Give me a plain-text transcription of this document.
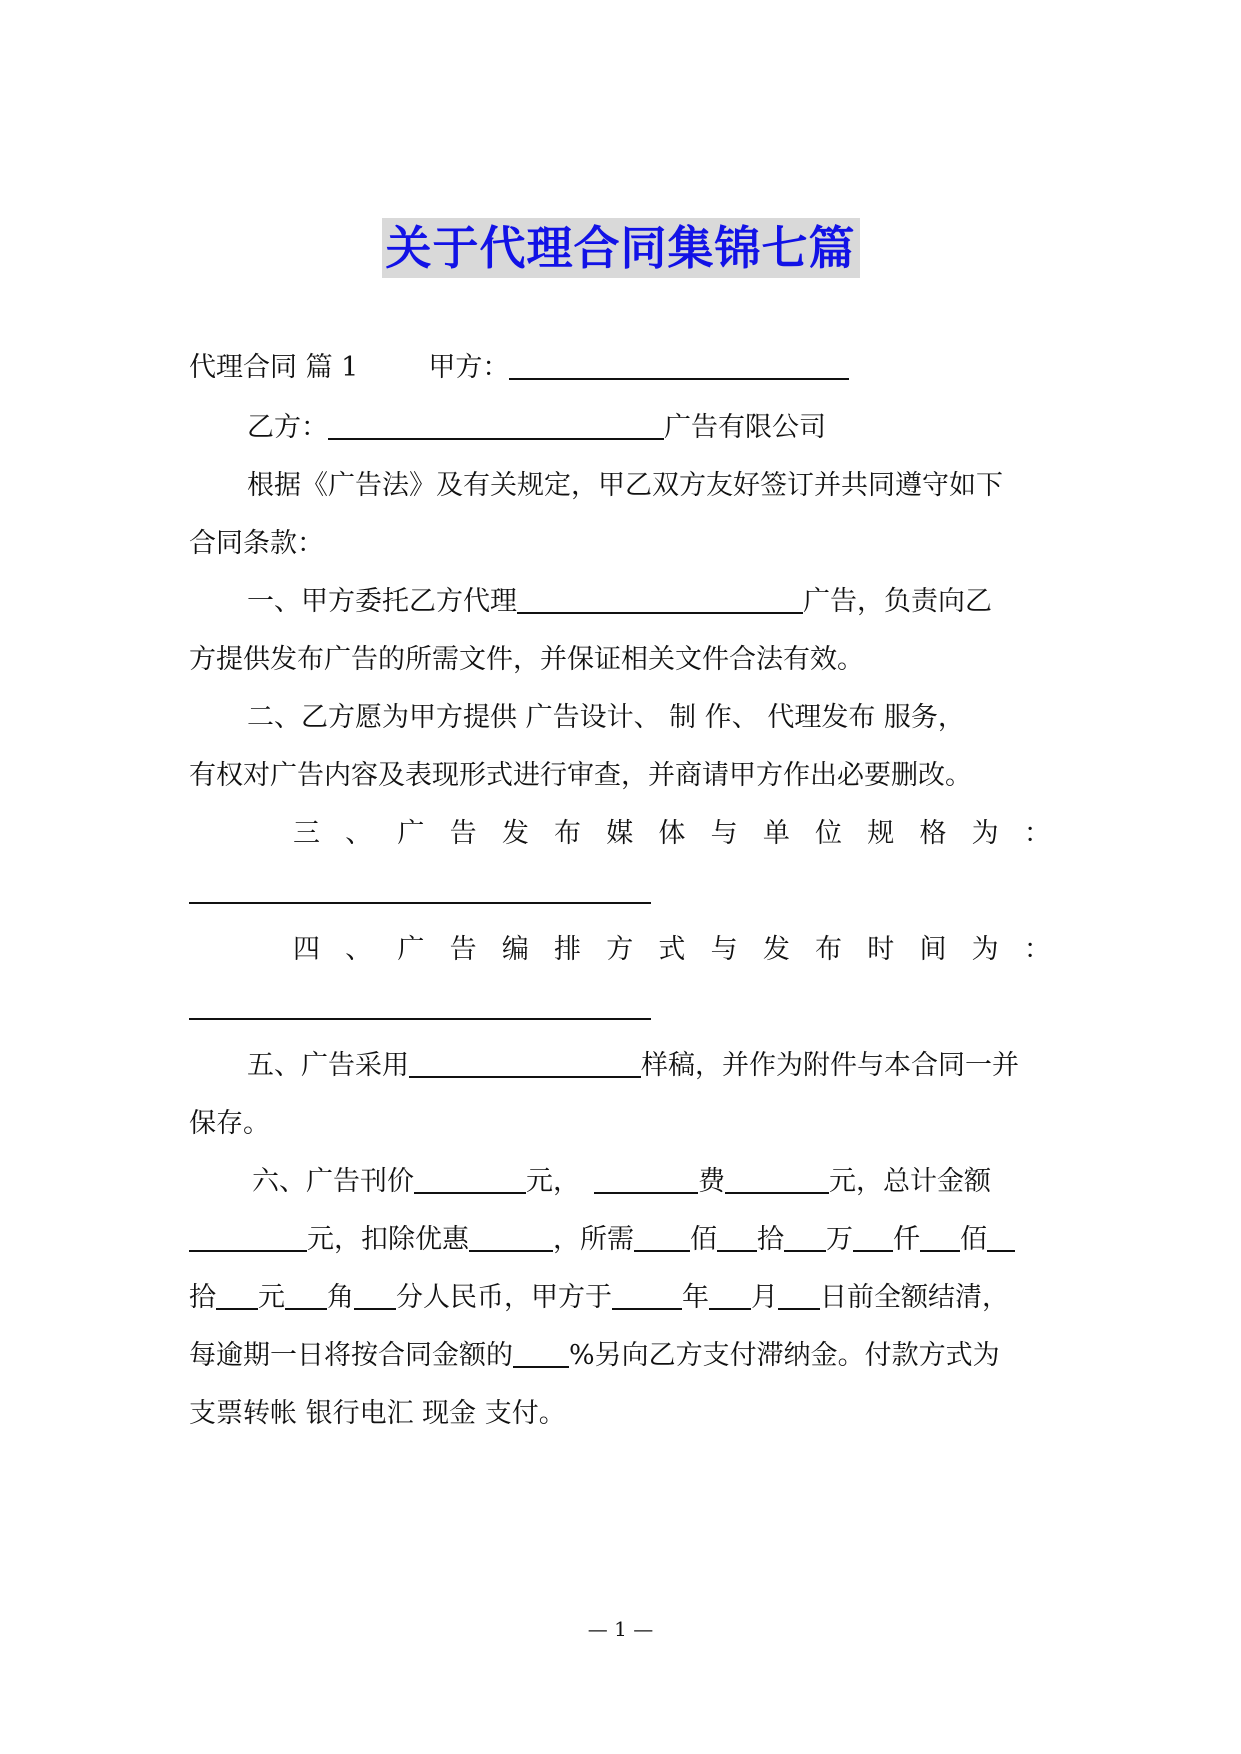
关于代理合同集锦七篇
代理合同 篇 1	甲方：
乙方：	广告有限公司
根据《广告法》及有关规定，甲乙双方友好签订并共同遵守如下
合同条款：
一、甲方委托乙方代理	广告，负责向乙
方提供发布广告的所需文件，并保证相关文件合法有效。
二、乙方愿为甲方提供 广告设计、 制 作、 代理发布 服务，
有权对广告内容及表现形式进行审查，并商请甲方作出必要删改。
三 、 广 告 发 布 媒 体 与 单 位 规 格 为 ：
四 、 广 告 编 排 方 式 与 发 布 时 间 为 ：
五、广告采用	样稿，并作为附件与本合同一并
保存。
六、广告刊价	元，	费	元，总计金额
元，扣除优惠	，所需 佰 拾 万 仟 佰
拾 元 角 分人民币，甲方于	年 月 日前全额结清，
每逾期一日将按合同金额的 %另向乙方支付滞纳金。付款方式为
支票转帐 银行电汇 现金 支付。
— 1 —
